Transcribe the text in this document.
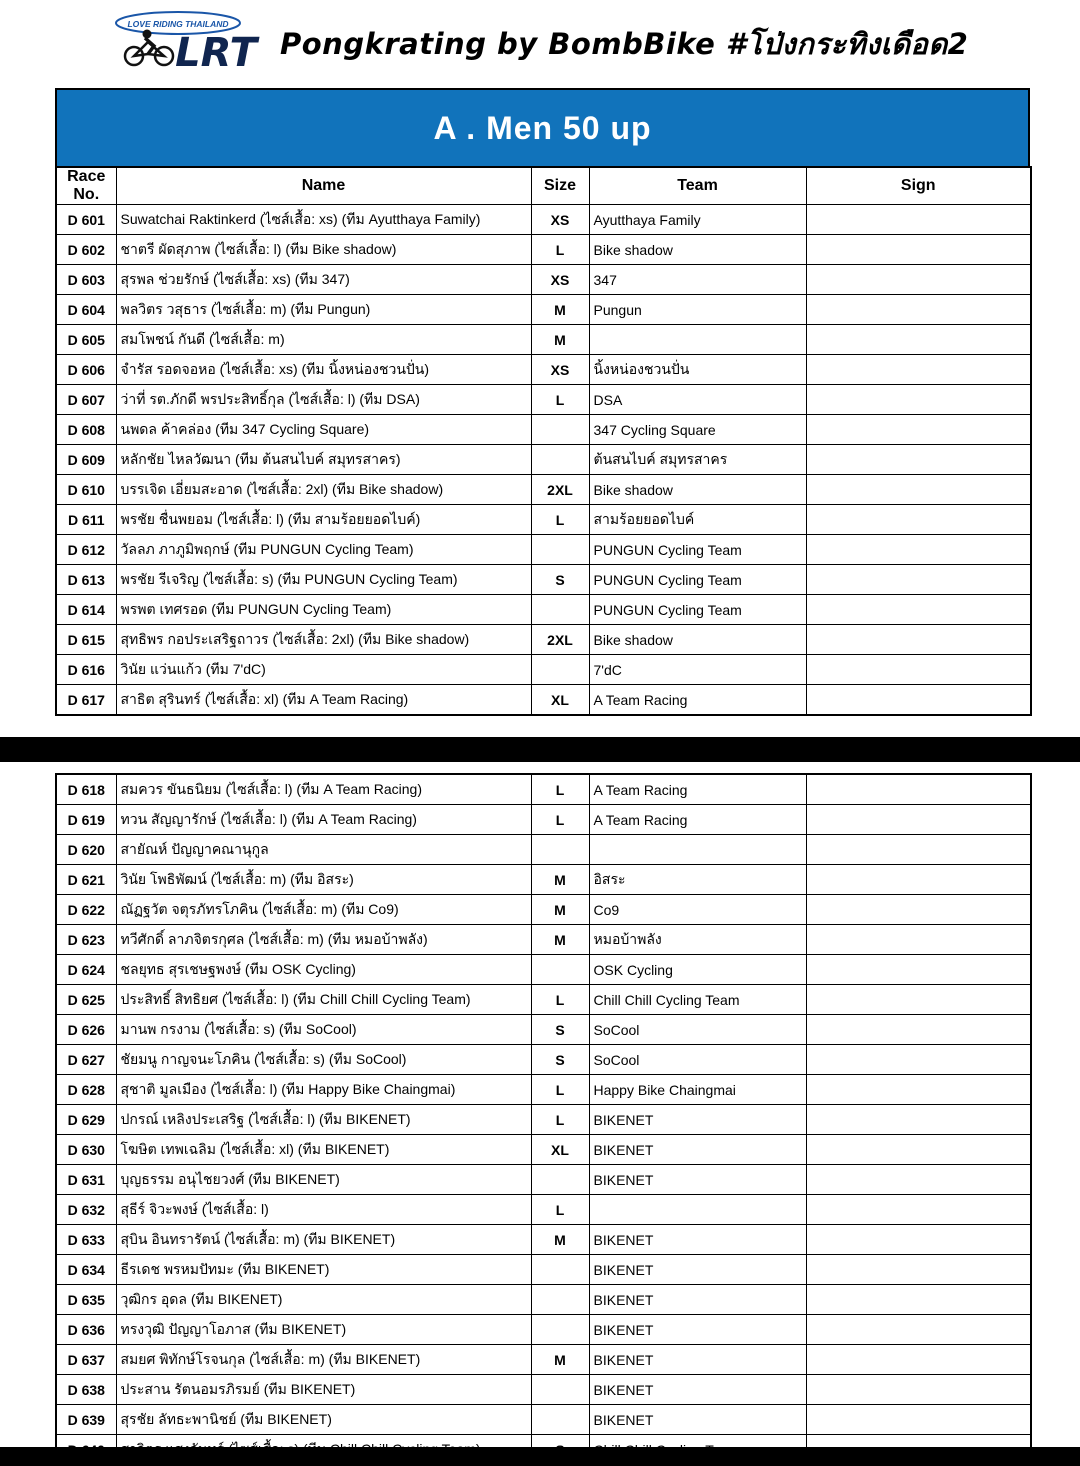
LOVE RIDING THAILAND
LRT Pongkrating by BombBike #โป่งกระทิงเดือด2
A . Men 50 up
Race No.	Name	Size	Team	Sign
D 601	Suwatchai Raktinkerd (ไซส์เสื้อ: xs) (ทีม Ayutthaya Family)	XS	Ayutthaya Family	
D 602	ชาตรี ผัดสุภาพ (ไซส์เสื้อ: l) (ทีม Bike shadow)	L	Bike shadow	
D 603	สุรพล ช่วยรักษ์ (ไซส์เสื้อ: xs) (ทีม 347)	XS	347	
D 604	พลวิตร วสุธาร (ไซส์เสื้อ: m) (ทีม Pungun)	M	Pungun	
D 605	สมโพชน์ กันดี (ไซส์เสื้อ: m)	M		
D 606	จำรัส รอดจอหอ (ไซส์เสื้อ: xs) (ทีม นิ้งหน่องชวนปั่น)	XS	นิ้งหน่องชวนปั่น	
D 607	ว่าที่ รต.ภักดี พรประสิทธิ์กุล (ไซส์เสื้อ: l) (ทีม DSA)	L	DSA	
D 608	นพดล ค้าคล่อง (ทีม 347 Cycling Square)		347 Cycling Square	
D 609	หลักชัย ไหลวัฒนา (ทีม ต้นสนไบค์ สมุทรสาคร)		ต้นสนไบค์ สมุทรสาคร	
D 610	บรรเจิด เอี่ยมสะอาด (ไซส์เสื้อ: 2xl) (ทีม Bike shadow)	2XL	Bike shadow	
D 611	พรชัย ชื่นพยอม (ไซส์เสื้อ: l) (ทีม สามร้อยยอดไบค์)	L	สามร้อยยอดไบค์	
D 612	วัลลภ ภาภูมิพฤกษ์ (ทีม PUNGUN Cycling Team)		PUNGUN Cycling Team	
D 613	พรชัย รีเจริญ (ไซส์เสื้อ: s) (ทีม PUNGUN Cycling Team)	S	PUNGUN Cycling Team	
D 614	พรพต เทศรอด (ทีม PUNGUN Cycling Team)		PUNGUN Cycling Team	
D 615	สุทธิพร กอประเสริฐถาวร (ไซส์เสื้อ: 2xl) (ทีม Bike shadow)	2XL	Bike shadow	
D 616	วินัย แว่นแก้ว (ทีม 7'dC)		7'dC	
D 617	สาธิต สุรินทร์ (ไซส์เสื้อ: xl) (ทีม A Team Racing)	XL	A Team Racing	
D 618	สมควร ขันธนิยม (ไซส์เสื้อ: l) (ทีม A Team Racing)	L	A Team Racing	
D 619	ทวน สัญญารักษ์ (ไซส์เสื้อ: l) (ทีม A Team Racing)	L	A Team Racing	
D 620	สายัณห์ ปัญญาคณานุกูล			
D 621	วินัย โพธิพัฒน์ (ไซส์เสื้อ: m) (ทีม อิสระ)	M	อิสระ	
D 622	ณัฏฐวัต จตุรภัทรโภคิน (ไซส์เสื้อ: m) (ทีม Co9)	M	Co9	
D 623	ทวีศักดิ์ ลาภจิตรกุศล (ไซส์เสื้อ: m) (ทีม หมอบ้าพลัง)	M	หมอบ้าพลัง	
D 624	ชลยุทธ สุรเชษฐพงษ์ (ทีม OSK Cycling)		OSK Cycling	
D 625	ประสิทธิ์ สิทธิยศ (ไซส์เสื้อ: l) (ทีม Chill Chill Cycling Team)	L	Chill Chill Cycling Team	
D 626	มานพ กรงาม (ไซส์เสื้อ: s) (ทีม SoCool)	S	SoCool	
D 627	ชัยมนู กาญจนะโภคิน (ไซส์เสื้อ: s) (ทีม SoCool)	S	SoCool	
D 628	สุชาติ มูลเมือง (ไซส์เสื้อ: l) (ทีม Happy Bike Chaingmai)	L	Happy Bike Chaingmai	
D 629	ปกรณ์ เหลิงประเสริฐ (ไซส์เสื้อ: l) (ทีม BIKENET)	L	BIKENET	
D 630	โฆษิต เทพเฉลิม (ไซส์เสื้อ: xl) (ทีม BIKENET)	XL	BIKENET	
D 631	บุญธรรม อนุไชยวงศ์ (ทีม BIKENET)		BIKENET	
D 632	สุธีร์ จิวะพงษ์ (ไซส์เสื้อ: l)	L		
D 633	สุบิน อินทรารัตน์ (ไซส์เสื้อ: m) (ทีม BIKENET)	M	BIKENET	
D 634	ธีรเดช พรหมปัทมะ (ทีม BIKENET)		BIKENET	
D 635	วุฒิกร อุดล (ทีม BIKENET)		BIKENET	
D 636	ทรงวุฒิ ปัญญาโอภาส (ทีม BIKENET)		BIKENET	
D 637	สมยศ พิทักษ์โรจนกุล (ไซส์เสื้อ: m) (ทีม BIKENET)	M	BIKENET	
D 638	ประสาน รัตนอมรภิรมย์ (ทีม BIKENET)		BIKENET	
D 639	สุรชัย ลัทธะพานิชย์ (ทีม BIKENET)		BIKENET	
D 640	สาวิตร แสงจันทร์ (ไซส์เสื้อ: s) (ทีม Chill Chill Cycling Team)	S	Chill Chill Cycling Team	
